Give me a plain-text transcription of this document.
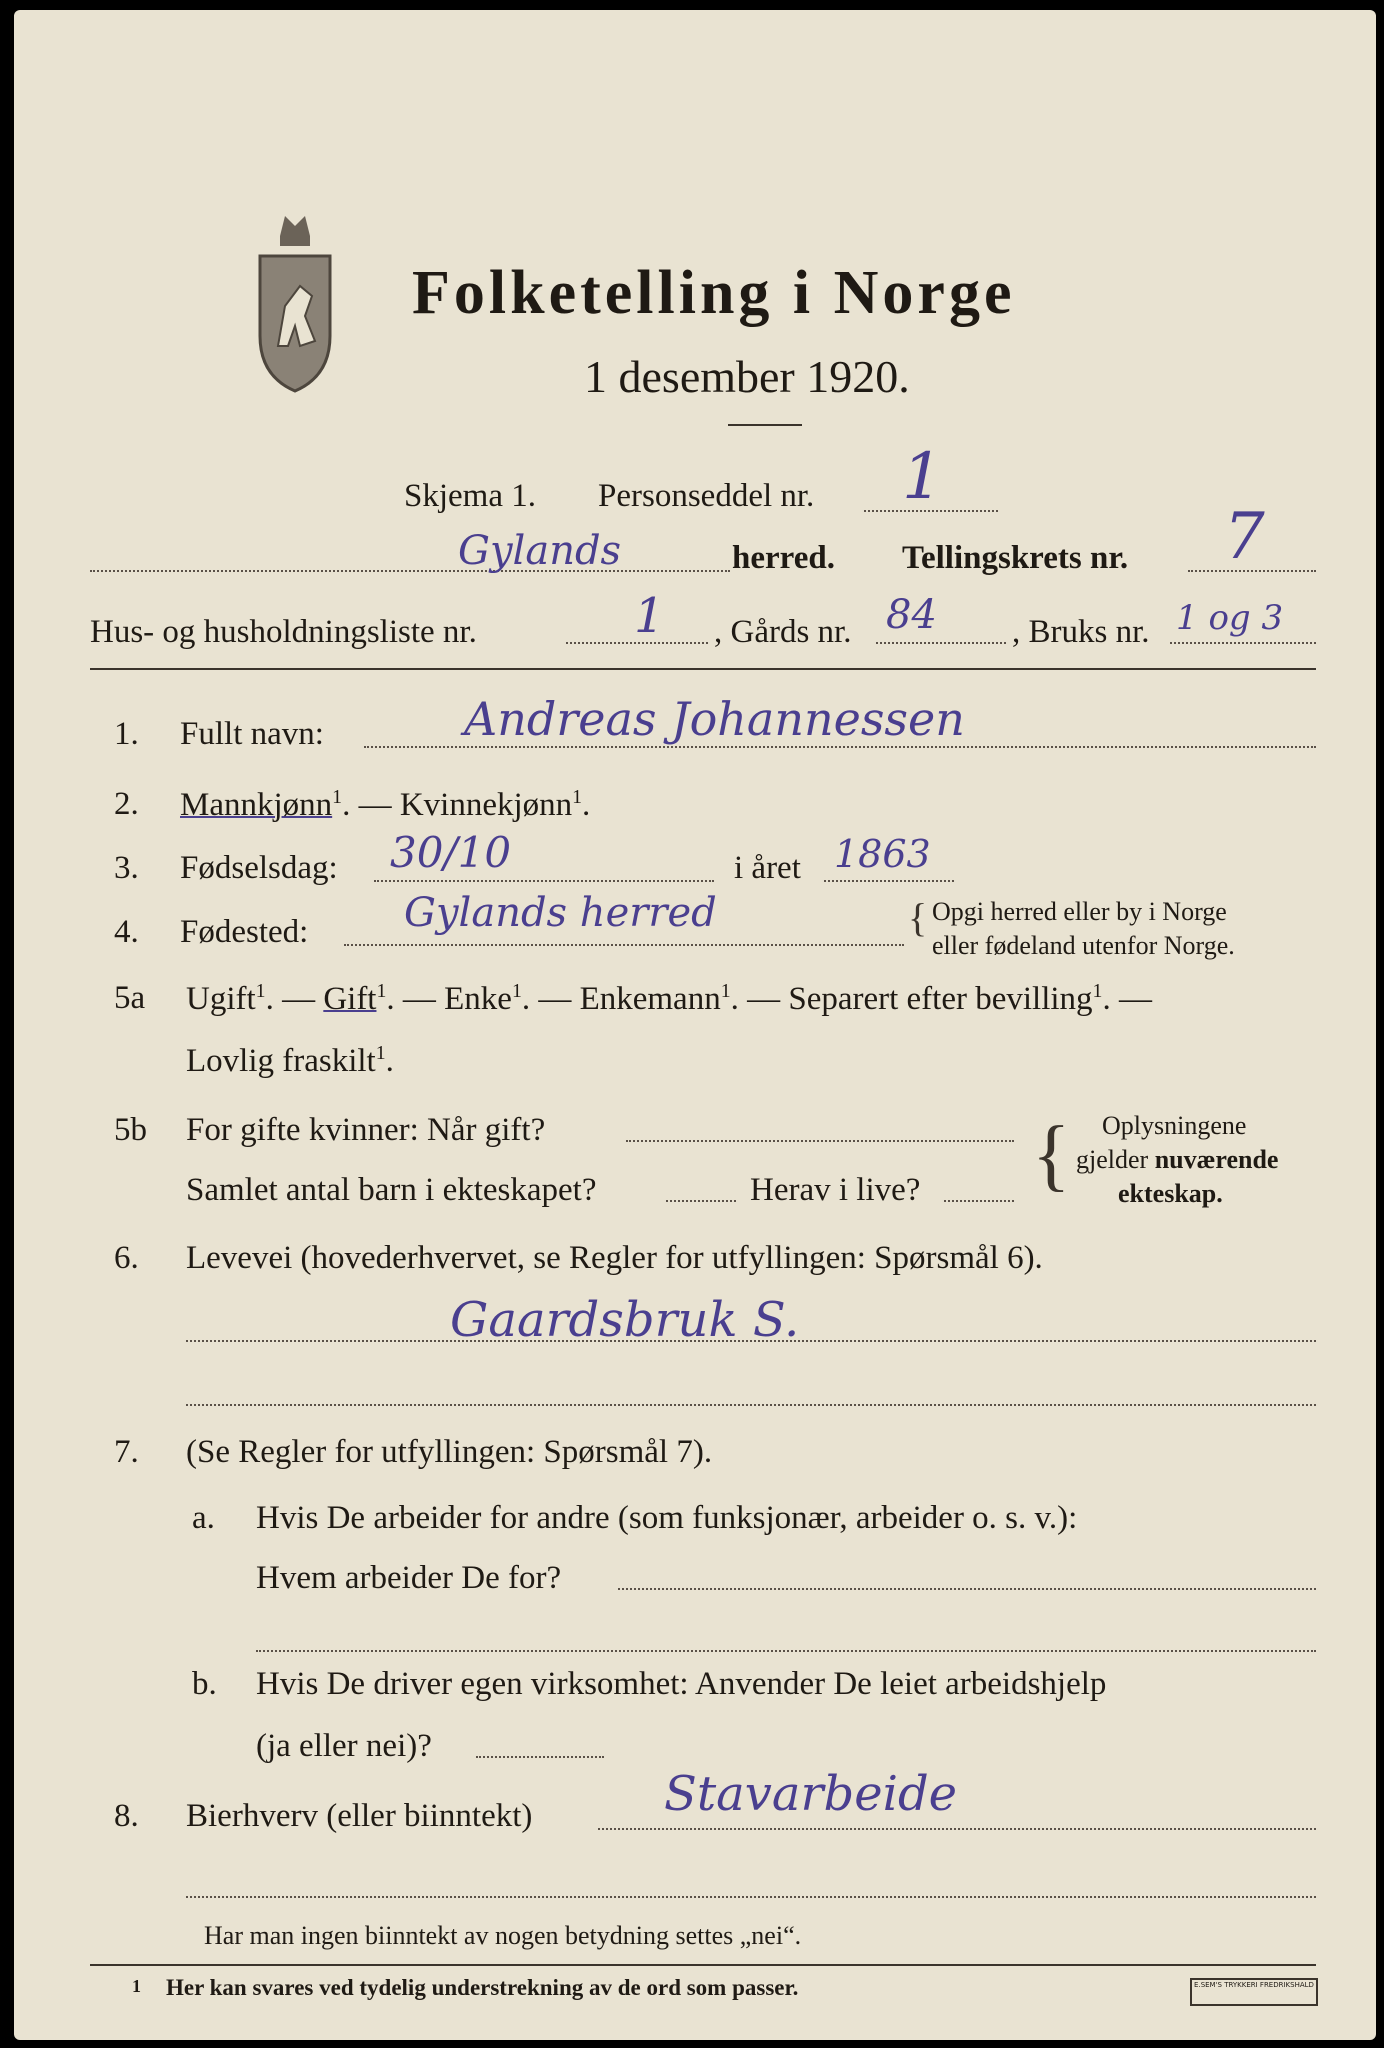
Folketelling i Norge
1 desember 1920.
Skjema 1. Personseddel nr. 1
Gylands	herred. Tellingskrets nr. 7
Hus- og husholdningsliste nr.	1 , Gårds nr. 84 , Bruks nr. 1 og 3
1. Fullt navn:	Andreas Johannessen
2. Mannkjønn$^1$. — Kvinnekjønn$^1$.
3. Fødselsdag: 30/10	i året 1863
4. Fødested: Gylands herred	{ Opgi herred eller by i Norge
eller fødeland utenfor Norge.
5a Ugift$^1$. — Gift$^1$. — Enke$^1$. — Enkemann$^1$. — Separert efter bevilling$^1$. —
Lovlig fraskilt$^1$.
5b For gifte kvinner: Når gift?
Samlet antal barn i ekteskapet?	Herav i live? { Oplysningene
gjelder nuværende
ekteskap.
6. Levevei (hovederhvervet, se Regler for utfyllingen: Spørsmål 6).
Gaardsbruk S.
7. (Se Regler for utfyllingen: Spørsmål 7).
a. Hvis De arbeider for andre (som funksjonær, arbeider o. s. v.):
Hvem arbeider De for?
b. Hvis De driver egen virksomhet: Anvender De leiet arbeidshjelp
(ja eller nei)?
8. Bierhverv (eller biinntekt)	Stavarbeide
Har man ingen biinntekt av nogen betydning settes „nei“.
1 Her kan svares ved tydelig understrekning av de ord som passer.	E.SEM'S TRYKKERI FREDRIKSHALD
